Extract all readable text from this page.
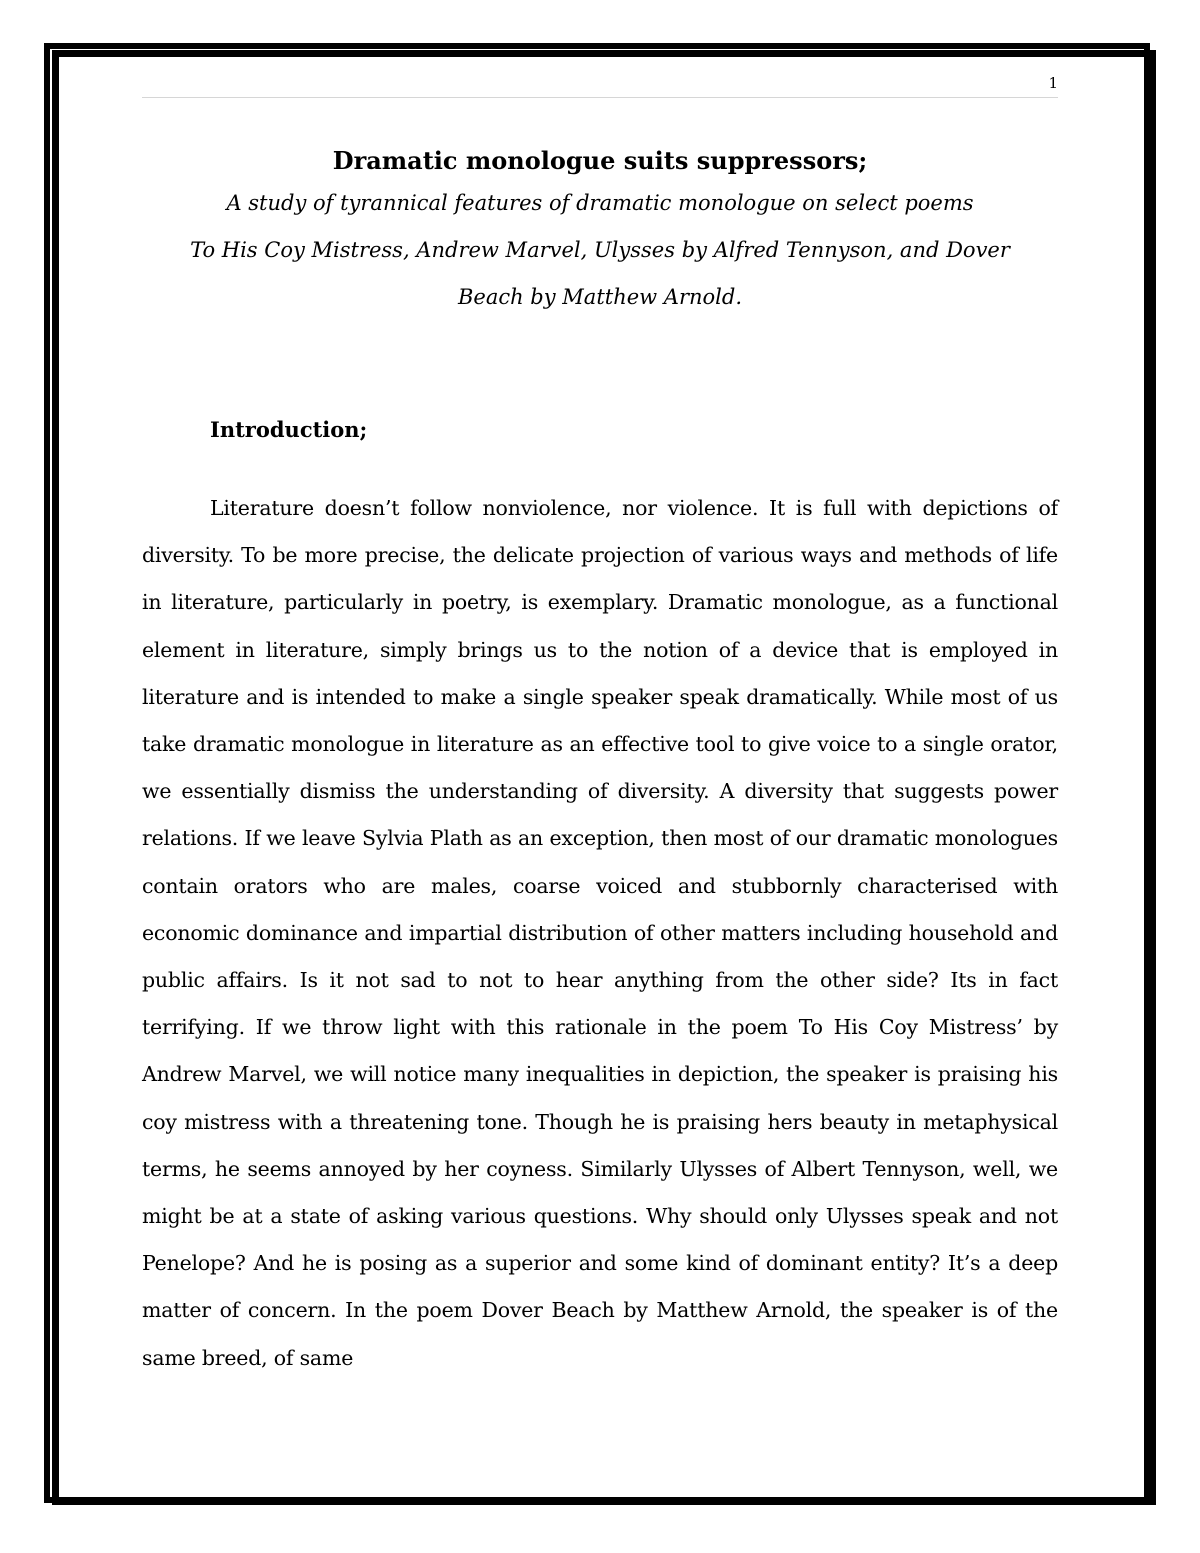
1
Dramatic monologue suits suppressors;

A study of tyrannical features of dramatic monologue on select poems

To His Coy Mistress, Andrew Marvel, Ulysses by Alfred Tennyson, and Dover

Beach by Matthew Arnold.

Introduction;

Literature doesn’t follow nonviolence, nor violence. It is full with depictions of diversity. To be more precise, the delicate projection of various ways and methods of life in literature, particularly in poetry, is exemplary. Dramatic monologue, as a functional element in literature, simply brings us to the notion of a device that is employed in literature and is intended to make a single speaker speak dramatically. While most of us take dramatic monologue in literature as an effective tool to give voice to a single orator, we essentially dismiss the understanding of diversity. A diversity that suggests power relations. If we leave Sylvia Plath as an exception, then most of our dramatic monologues contain orators who are males, coarse voiced and stubbornly characterised with economic dominance and impartial distribution of other matters including household and public affairs. Is it not sad to not to hear anything from the other side? Its in fact terrifying. If we throw light with this rationale in the poem To His Coy Mistress’ by Andrew Marvel, we will notice many inequalities in depiction, the speaker is praising his coy mistress with a threatening tone. Though he is praising hers beauty in metaphysical terms, he seems annoyed by her coyness. Similarly Ulysses of Albert Tennyson, well, we might be at a state of asking various questions. Why should only Ulysses speak and not Penelope? And he is posing as a superior and some kind of dominant entity? It’s a deep matter of concern. In the poem Dover Beach by Matthew Arnold, the speaker is of the same breed, of same
